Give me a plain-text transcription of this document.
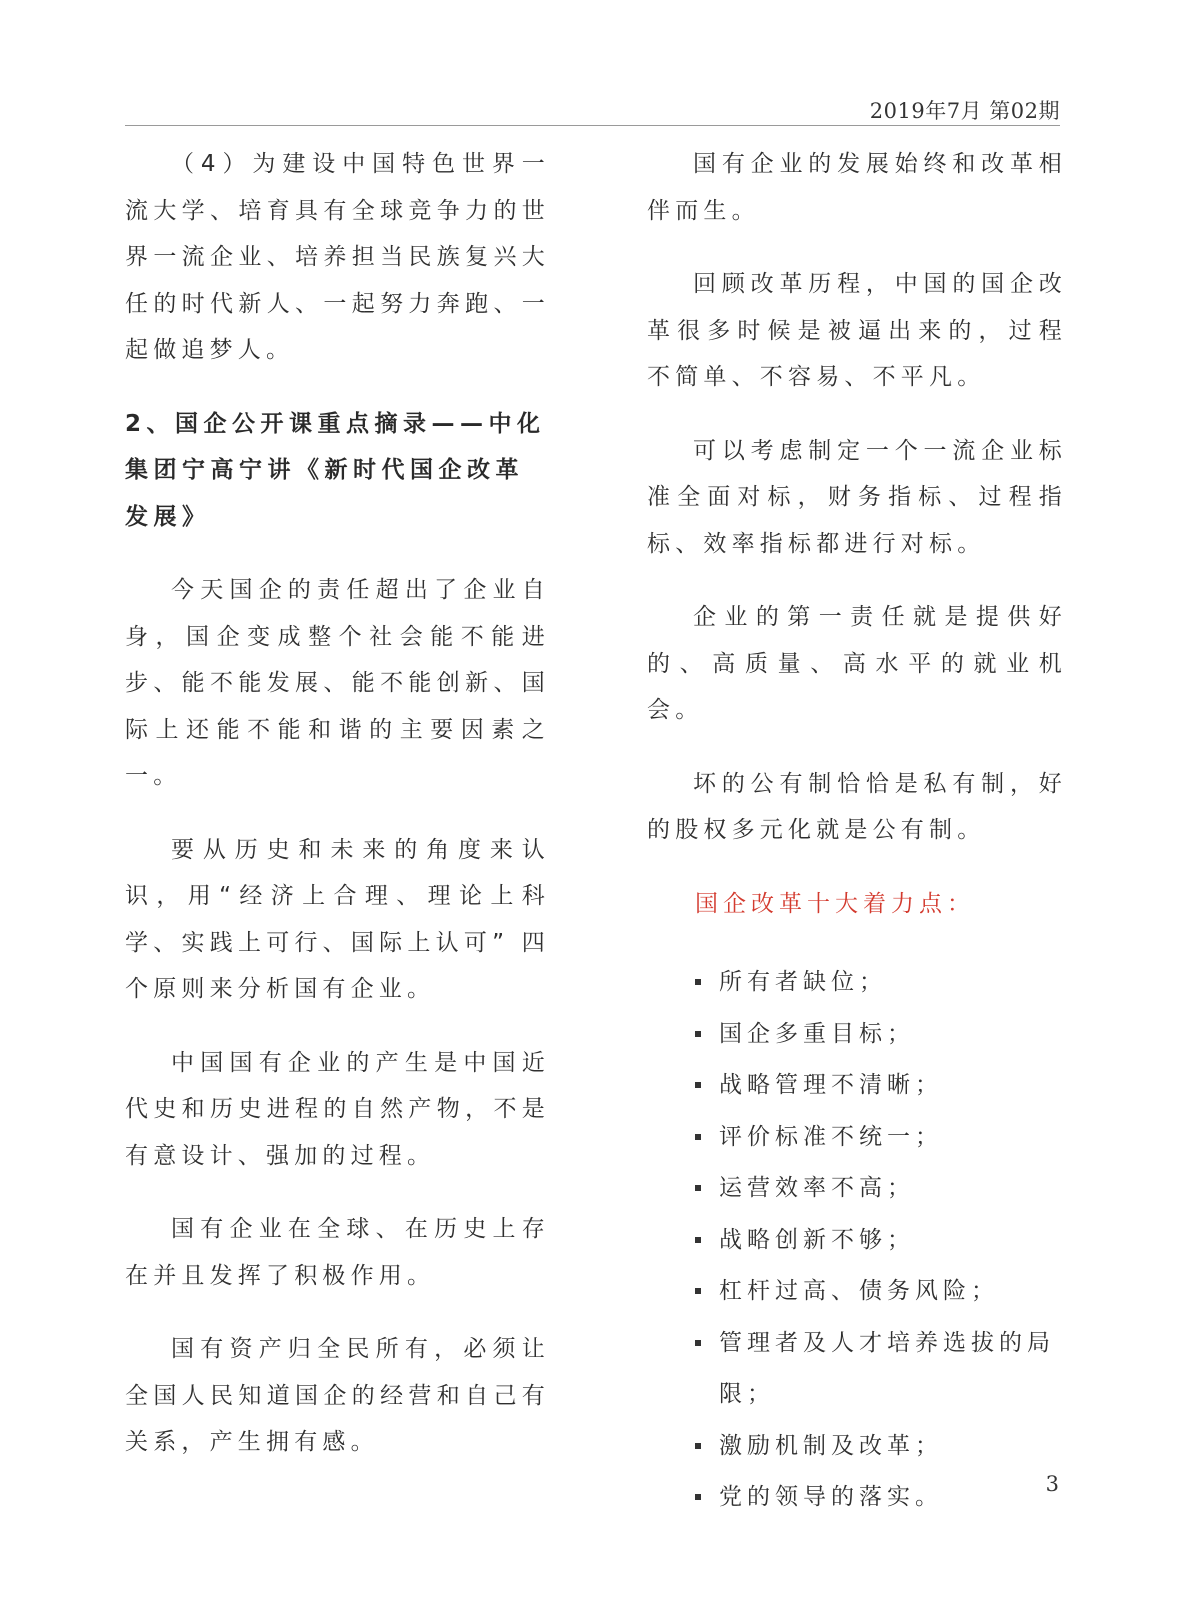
2019年7月 第02期

（4）为建设中国特色世界一流大学、培育具有全球竞争力的世界一流企业、培养担当民族复兴大任的时代新人、一起努力奔跑、一起做追梦人。

2、国企公开课重点摘录——中化集团宁高宁讲《新时代国企改革发展》

今天国企的责任超出了企业自身，国企变成整个社会能不能进步、能不能发展、能不能创新、国际上还能不能和谐的主要因素之一。

要从历史和未来的角度来认识，用“经济上合理、理论上科学、实践上可行、国际上认可” 四个原则来分析国有企业。

中国国有企业的产生是中国近代史和历史进程的自然产物，不是有意设计、强加的过程。

国有企业在全球、在历史上存在并且发挥了积极作用。

国有资产归全民所有，必须让全国人民知道国企的经营和自己有关系，产生拥有感。

国有企业的发展始终和改革相伴而生。

回顾改革历程，中国的国企改革很多时候是被逼出来的，过程不简单、不容易、不平凡。

可以考虑制定一个一流企业标准全面对标，财务指标、过程指标、效率指标都进行对标。

企业的第一责任就是提供好的、高质量、高水平的就业机会。

坏的公有制恰恰是私有制，好的股权多元化就是公有制。

国企改革十大着力点：

所有者缺位；
国企多重目标；
战略管理不清晰；
评价标准不统一；
运营效率不高；
战略创新不够；
杠杆过高、债务风险；
管理者及人才培养选拔的局限；
激励机制及改革；
党的领导的落实。	3
